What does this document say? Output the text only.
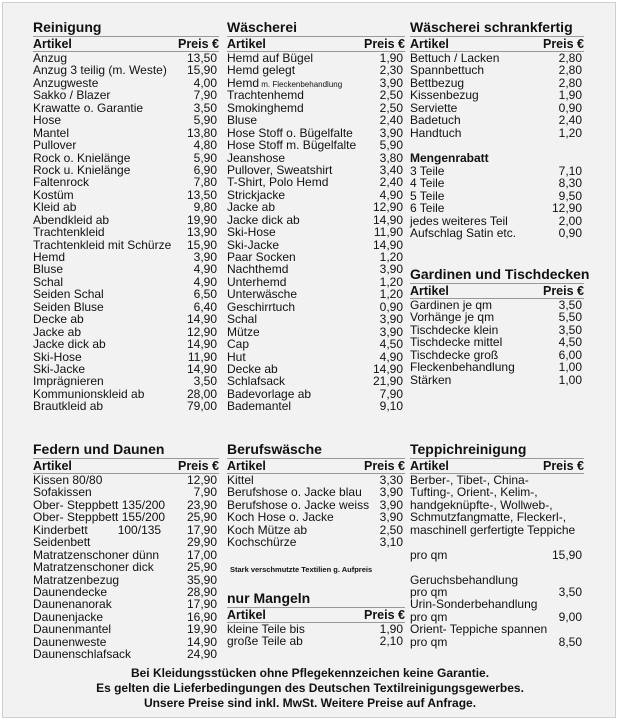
Reinigung
Artikel	Preis €
Anzug	13,50
Anzug 3 teilig (m. Weste) 15,90
Anzugweste	4,00
Sakko / Blazer	7,90
Krawatte o. Garantie	3,50
Hose	5,90
Mantel	13,80
Pullover	4,80
Rock o. Knielänge	5,90
Rock u. Knielänge	6,90
Faltenrock	7,80
Kostüm	13,50
Kleid ab	9,80
Abendkleid ab	19,90
Trachtenkleid	13,90
Trachtenkleid mit Schürze 15,90
Hemd	3,90
Bluse	4,90
Schal	4,90
Seiden Schal	6,50
Seiden Bluse	6,40
Decke ab	14,90
Jacke ab	12,90
Jacke dick ab	14,90
Ski-Hose	11,90
Ski-Jacke	14,90
Imprägnieren	3,50
Kommunionskleid ab	28,00
Brautkleid ab	79,00
Wäscherei
Artikel	Preis €
Hemd auf Bügel	1,90
Hemd gelegt	2,30
Hemd m. Fleckenbehandlung	3,90
Trachtenhemd	2,50
Smokinghemd	2,50
Bluse	2,40
Hose Stoff o. Bügelfalte 3,90
Hose Stoff m. Bügelfalte 5,90
Jeanshose	3,80
Pullover, Sweatshirt	3,40
T-Shirt, Polo Hemd	2,40
Strickjacke	4,90
Jacke ab	12,90
Jacke dick ab	14,90
Ski-Hose	11,90
Ski-Jacke	14,90
Paar Socken	1,20
Nachthemd	3,90
Unterhemd	1,20
Unterwäsche	1,20
Geschirrtuch	0,90
Schal	3,90
Mütze	3,90
Cap	4,50
Hut	4,90
Decke ab	14,90
Schlafsack	21,90
Badevorlage ab	7,90
Bademantel	9,10
Wäscherei schrankfertig
Artikel	Preis €
Bettuch / Lacken	2,80
Spannbettuch	2,80
Bettbezug	2,80
Kissenbezug	1,90
Serviette	0,90
Badetuch	2,40
Handtuch	1,20
Mengenrabatt
3 Teile	7,10
4 Teile	8,30
5 Teile	9,50
6 Teile	12,90
jedes weiteres Teil	2,00
Aufschlag Satin etc.	0,90
Gardinen und Tischdecken
Artikel	Preis €
Gardinen je qm	3,50
Vorhänge je qm	5,50
Tischdecke klein	3,50
Tischdecke mittel	4,50
Tischdecke groß	6,00
Fleckenbehandlung	1,00
Stärken	1,00
Federn und Daunen
Artikel	Preis €
Kissen 80/80	12,90
Sofakissen	7,90
Ober- Steppbett 135/200 23,90
Ober- Steppbett 155/200 25,90
Kinderbett         100/135 17,90
Seidenbett	29,90
Matratzenschoner dünn 17,00
Matratzenschoner dick	25,90
Matratzenbezug	35,90
Daunendecke	28,90
Daunenanorak	17,90
Daunenjacke	16,90
Daunenmantel	19,90
Daunenweste	14,90
Daunenschlafsack	24,90
Berufswäsche
Artikel	Preis €
Kittel	3,30
Berufshose o. Jacke blau 3,90
Berufshose o. Jacke weiss 3,90
Koch Hose o. Jacke	3,90
Koch Mütze ab	2,50
Kochschürze	3,10
Stark verschmutzte Textilien g. Aufpreis
nur Mangeln
Artikel	Preis €
kleine Teile bis	1,90
große Teile ab	2,10
Teppichreinigung
Artikel	Preis €
Berber-, Tibet-, China-
Tufting-, Orient-, Kelim-,
handgeknüpfte-, Wollweb-,
Schmutzfangmatte, Fleckerl-,
maschinell gerfertigte Teppiche
pro qm	15,90
Geruchsbehandlung
pro qm	3,50
Urin-Sonderbehandlung
pro qm	9,00
Orient- Teppiche spannen
pro qm	8,50
Bei Kleidungsstücken ohne Pflegekennzeichen keine Garantie.
Es gelten die Lieferbedingungen des Deutschen Textilreinigungsgewerbes.
Unsere Preise sind inkl. MwSt. Weitere Preise auf Anfrage.
